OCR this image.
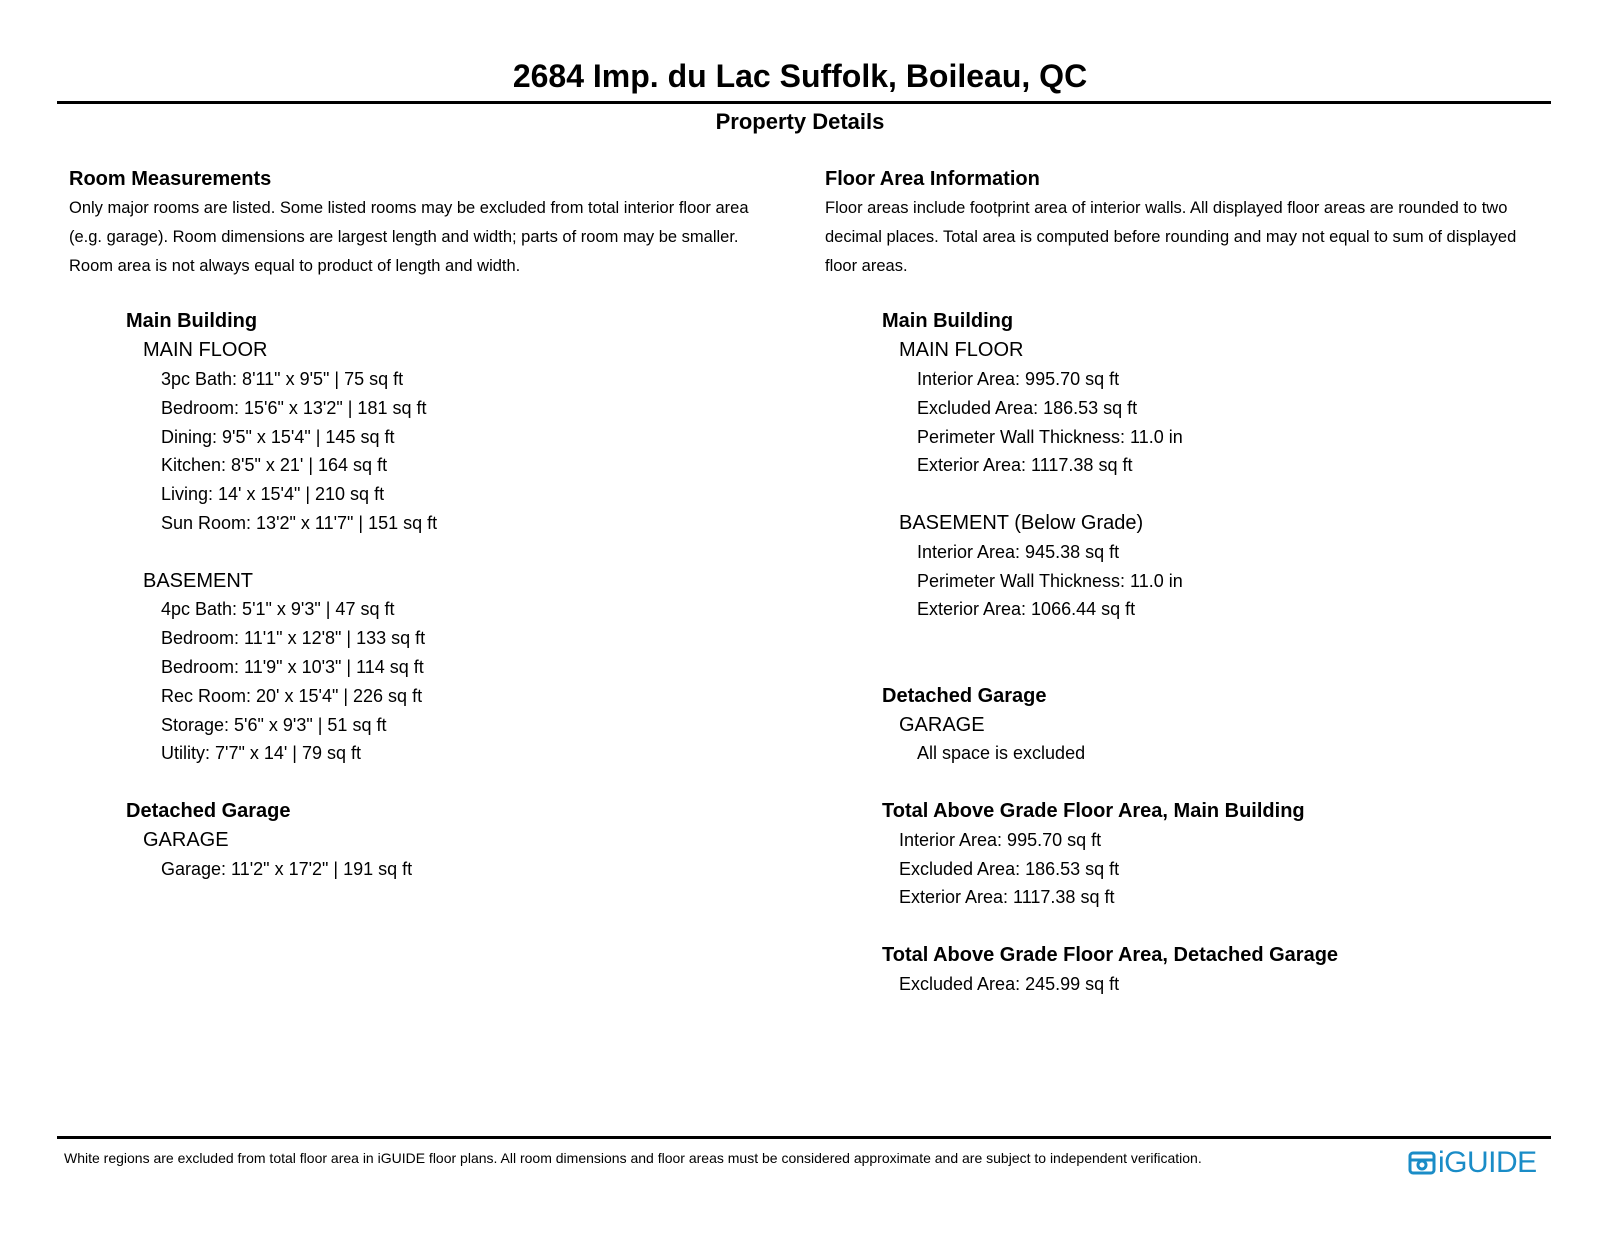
2684 Imp. du Lac Suffolk, Boileau, QC
Property Details
Room Measurements
Only major rooms are listed. Some listed rooms may be excluded from total interior floor area
(e.g. garage). Room dimensions are largest length and width; parts of room may be smaller.
Room area is not always equal to product of length and width.
Main Building
MAIN FLOOR
3pc Bath: 8'11" x 9'5" | 75 sq ft
Bedroom: 15'6" x 13'2" | 181 sq ft
Dining: 9'5" x 15'4" | 145 sq ft
Kitchen: 8'5" x 21' | 164 sq ft
Living: 14' x 15'4" | 210 sq ft
Sun Room: 13'2" x 11'7" | 151 sq ft
BASEMENT
4pc Bath: 5'1" x 9'3" | 47 sq ft
Bedroom: 11'1" x 12'8" | 133 sq ft
Bedroom: 11'9" x 10'3" | 114 sq ft
Rec Room: 20' x 15'4" | 226 sq ft
Storage: 5'6" x 9'3" | 51 sq ft
Utility: 7'7" x 14' | 79 sq ft
Detached Garage
GARAGE
Garage: 11'2" x 17'2" | 191 sq ft
Floor Area Information
Floor areas include footprint area of interior walls. All displayed floor areas are rounded to two
decimal places. Total area is computed before rounding and may not equal to sum of displayed
floor areas.
Main Building
MAIN FLOOR
Interior Area: 995.70 sq ft
Excluded Area: 186.53 sq ft
Perimeter Wall Thickness: 11.0 in
Exterior Area: 1117.38 sq ft
BASEMENT (Below Grade)
Interior Area: 945.38 sq ft
Perimeter Wall Thickness: 11.0 in
Exterior Area: 1066.44 sq ft
Detached Garage
GARAGE
All space is excluded
Total Above Grade Floor Area, Main Building
Interior Area: 995.70 sq ft
Excluded Area: 186.53 sq ft
Exterior Area: 1117.38 sq ft
Total Above Grade Floor Area, Detached Garage
Excluded Area: 245.99 sq ft
White regions are excluded from total floor area in iGUIDE floor plans. All room dimensions and floor areas must be considered approximate and are subject to independent verification.	iGUIDE
